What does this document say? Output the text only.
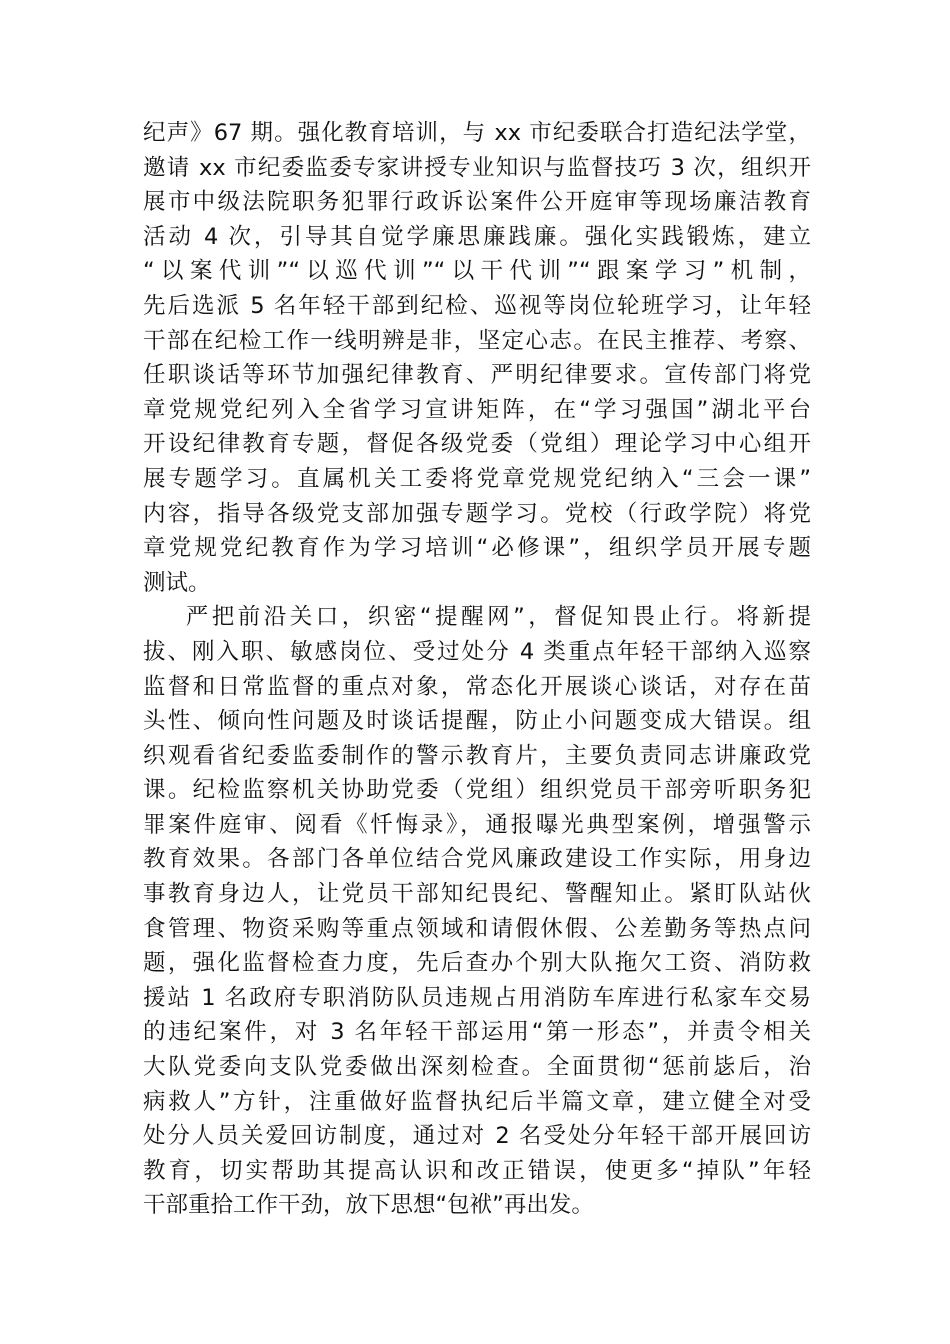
纪声》67 期。强化教育培训，与 xx 市纪委联合打造纪法学堂，
邀请 xx 市纪委监委专家讲授专业知识与监督技巧 3 次，组织开
展市中级法院职务犯罪行政诉讼案件公开庭审等现场廉洁教育
活动 4 次，引导其自觉学廉思廉践廉。强化实践锻炼，建立
“以案代训”“以巡代训”“以干代训”“跟案学习”机制，
先后选派 5 名年轻干部到纪检、巡视等岗位轮班学习，让年轻
干部在纪检工作一线明辨是非，坚定心志。在民主推荐、考察、
任职谈话等环节加强纪律教育、严明纪律要求。宣传部门将党
章党规党纪列入全省学习宣讲矩阵，在“学习强国”湖北平台
开设纪律教育专题，督促各级党委（党组）理论学习中心组开
展专题学习。直属机关工委将党章党规党纪纳入“三会一课”
内容，指导各级党支部加强专题学习。党校（行政学院）将党
章党规党纪教育作为学习培训“必修课”，组织学员开展专题
测试。
严把前沿关口，织密“提醒网”，督促知畏止行。将新提
拔、刚入职、敏感岗位、受过处分 4 类重点年轻干部纳入巡察
监督和日常监督的重点对象，常态化开展谈心谈话，对存在苗
头性、倾向性问题及时谈话提醒，防止小问题变成大错误。组
织观看省纪委监委制作的警示教育片，主要负责同志讲廉政党
课。纪检监察机关协助党委（党组）组织党员干部旁听职务犯
罪案件庭审、阅看《忏悔录》，通报曝光典型案例，增强警示
教育效果。各部门各单位结合党风廉政建设工作实际，用身边
事教育身边人，让党员干部知纪畏纪、警醒知止。紧盯队站伙
食管理、物资采购等重点领域和请假休假、公差勤务等热点问
题，强化监督检查力度，先后查办个别大队拖欠工资、消防救
援站 1 名政府专职消防队员违规占用消防车库进行私家车交易
的违纪案件，对 3 名年轻干部运用“第一形态”，并责令相关
大队党委向支队党委做出深刻检查。全面贯彻“惩前毖后，治
病救人”方针，注重做好监督执纪后半篇文章，建立健全对受
处分人员关爱回访制度，通过对 2 名受处分年轻干部开展回访
教育，切实帮助其提高认识和改正错误，使更多“掉队”年轻
干部重拾工作干劲，放下思想“包袱”再出发。
